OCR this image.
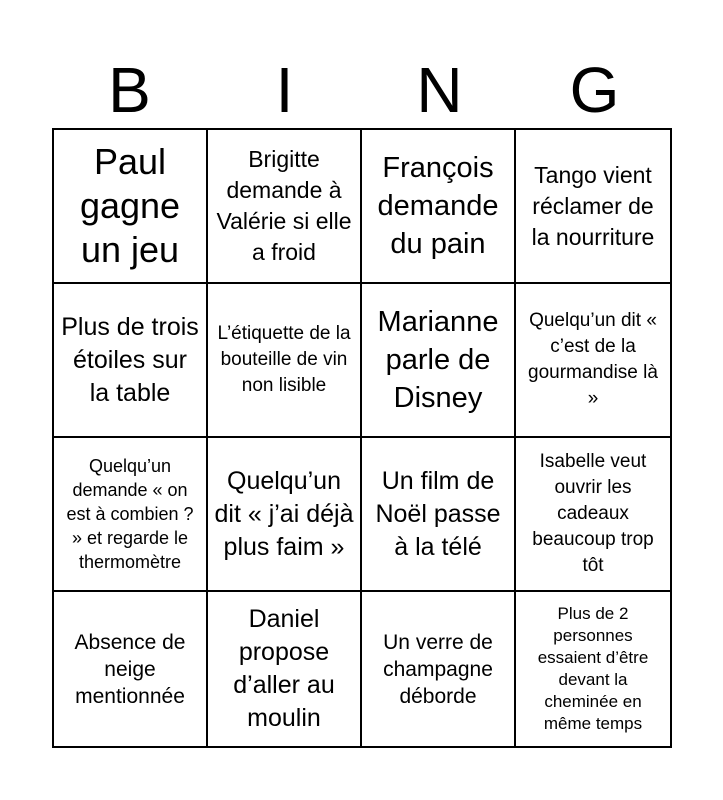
B	I	N	G
Paul gagne un jeu
Brigitte demande à Valérie si elle a froid
François demande du pain
Tango vient réclamer de la nourriture
Plus de trois étoiles sur la table
L’étiquette de la bouteille de vin non lisible
Marianne parle de Disney
Quelqu’un dit « c’est de la gourmandise là »
Quelqu’un demande « on est à combien ? » et regarde le thermomètre
Quelqu’un dit « j’ai déjà plus faim »
Un film de Noël passe à la télé
Isabelle veut ouvrir les cadeaux beaucoup trop tôt
Absence de neige mentionnée
Daniel propose d’aller au moulin
Un verre de champagne déborde
Plus de 2 personnes essaient d’être devant la cheminée en même temps
